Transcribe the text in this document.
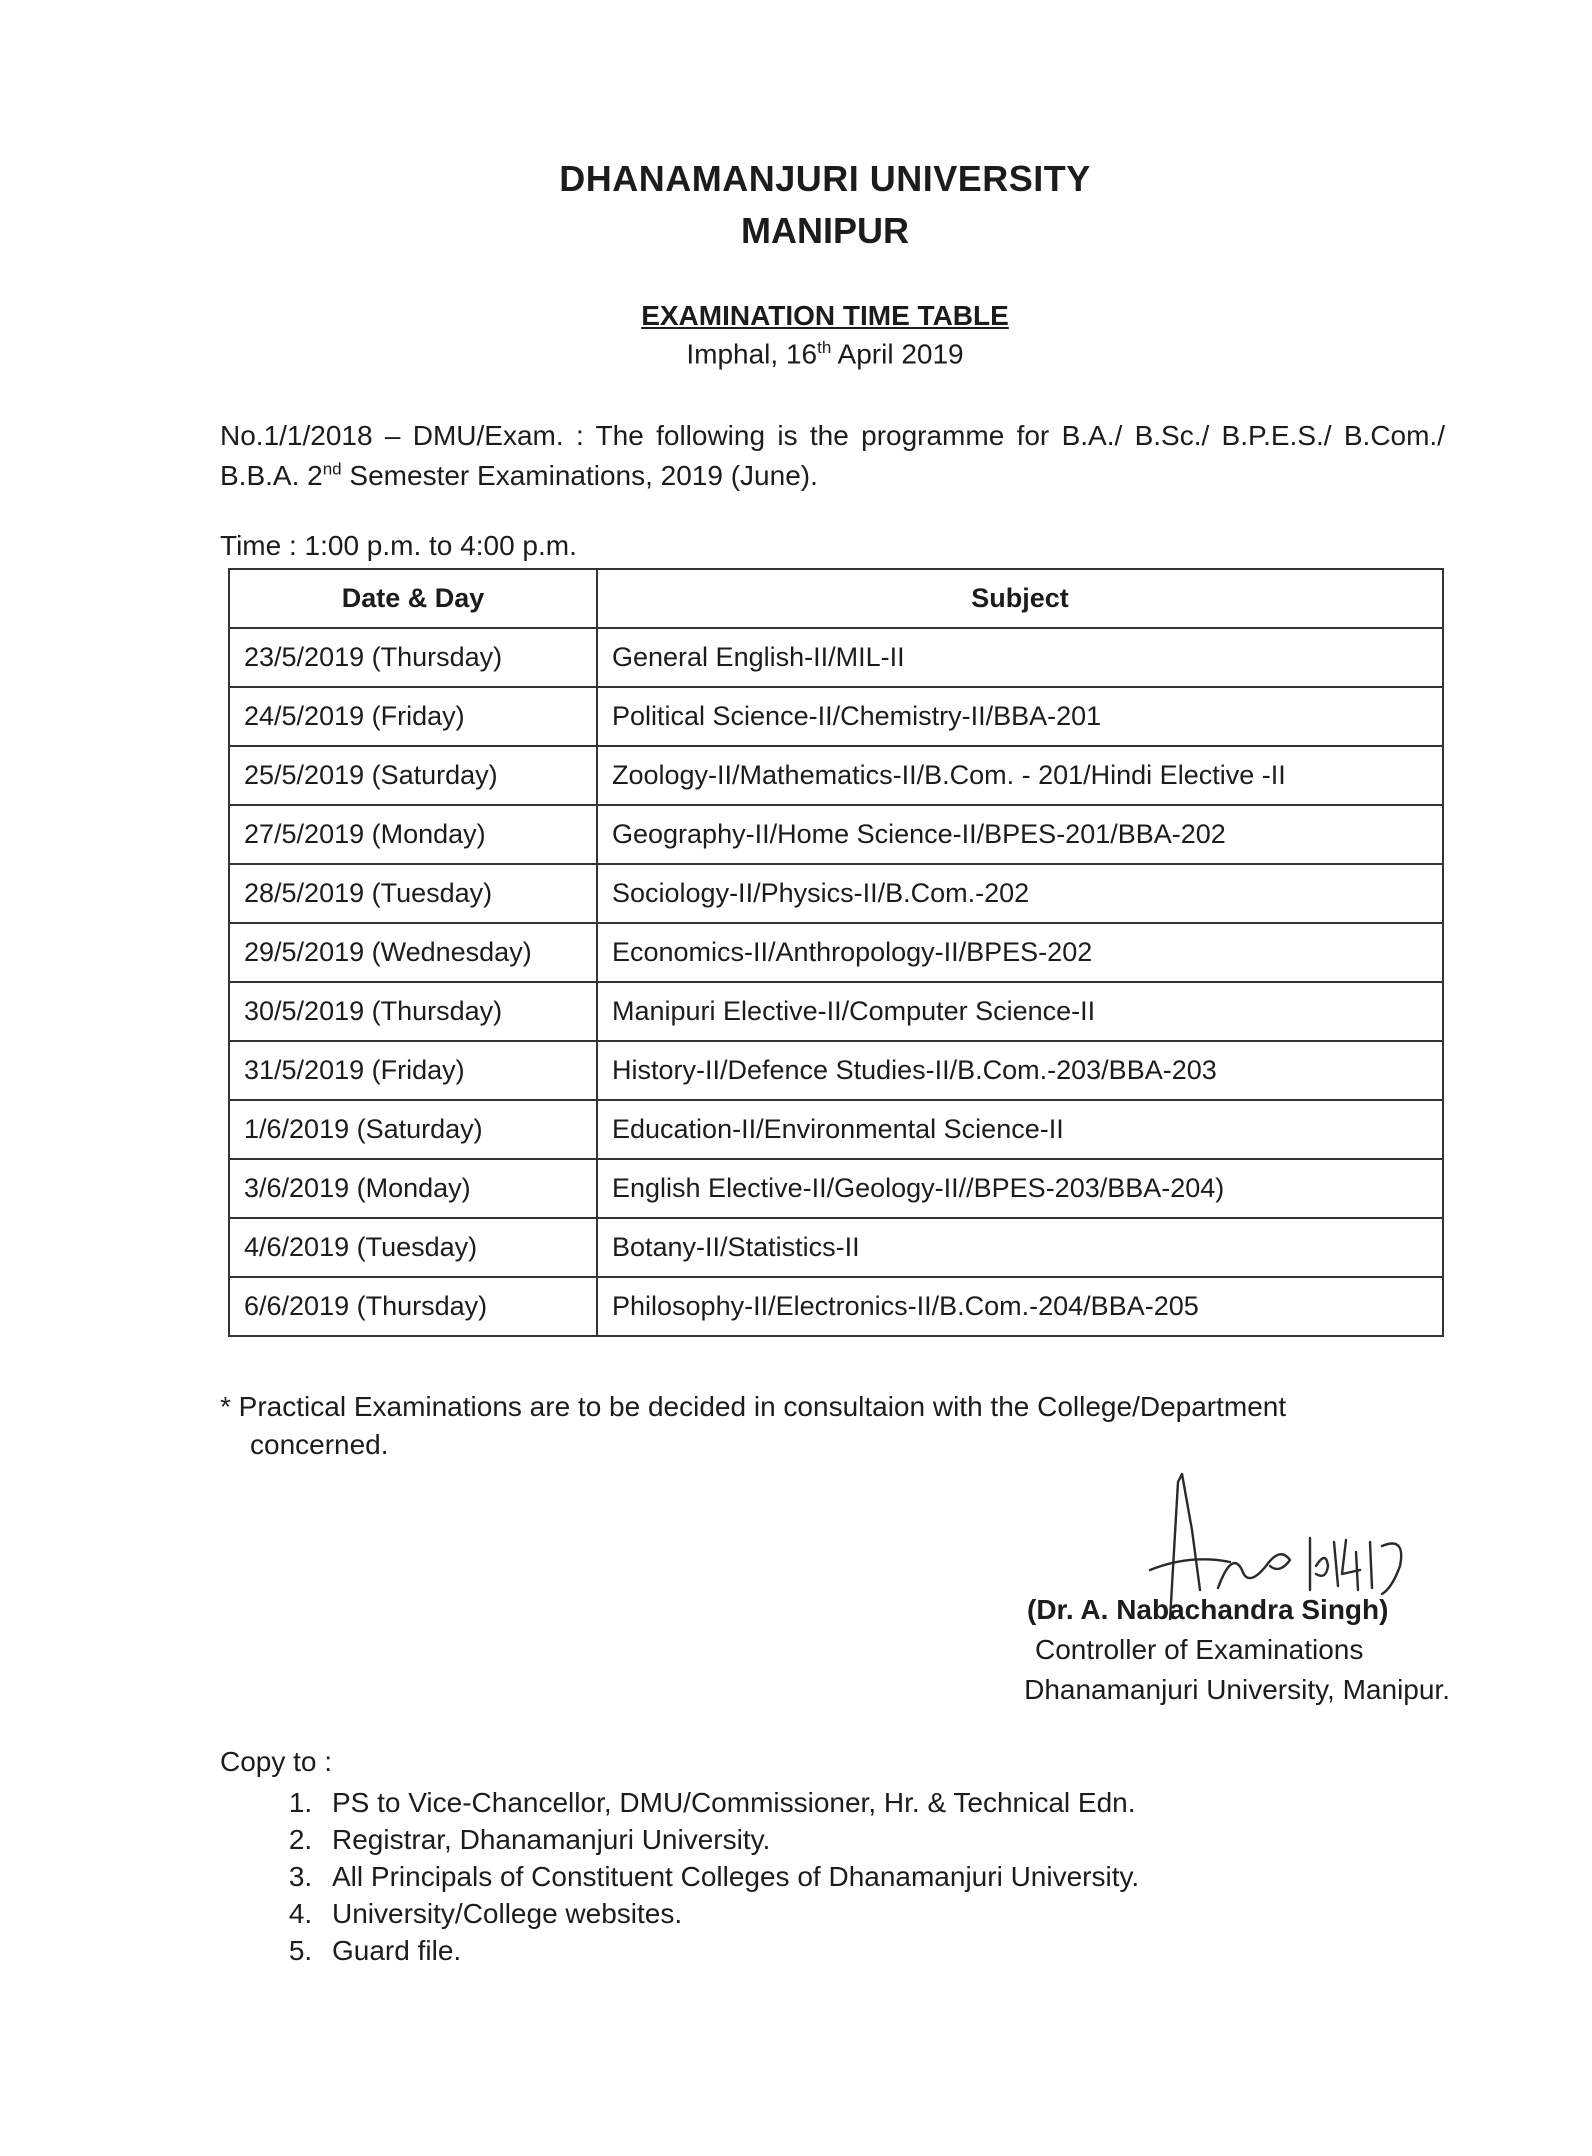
DHANAMANJURI UNIVERSITY
MANIPUR
EXAMINATION TIME TABLE
Imphal, 16th April 2019
No.1/1/2018 – DMU/Exam. : The following is the programme for B.A./ B.Sc./ B.P.E.S./ B.Com./ B.B.A. 2nd Semester Examinations, 2019 (June).
Time : 1:00 p.m. to 4:00 p.m.
Date & Day	Subject
23/5/2019 (Thursday)	General English-II/MIL-II
24/5/2019 (Friday)	Political Science-II/Chemistry-II/BBA-201
25/5/2019 (Saturday)	Zoology-II/Mathematics-II/B.Com. - 201/Hindi Elective -II
27/5/2019 (Monday)	Geography-II/Home Science-II/BPES-201/BBA-202
28/5/2019 (Tuesday)	Sociology-II/Physics-II/B.Com.-202
29/5/2019 (Wednesday)	Economics-II/Anthropology-II/BPES-202
30/5/2019 (Thursday)	Manipuri Elective-II/Computer Science-II
31/5/2019 (Friday)	History-II/Defence Studies-II/B.Com.-203/BBA-203
1/6/2019 (Saturday)	Education-II/Environmental Science-II
3/6/2019 (Monday)	English Elective-II/Geology-II//BPES-203/BBA-204)
4/6/2019 (Tuesday)	Botany-II/Statistics-II
6/6/2019 (Thursday)	Philosophy-II/Electronics-II/B.Com.-204/BBA-205
* Practical Examinations are to be decided in consultaion with the College/Department
concerned.
(Dr. A. Nabachandra Singh)
Controller of Examinations
Dhanamanjuri University, Manipur.
Copy to :
1. PS to Vice-Chancellor, DMU/Commissioner, Hr. & Technical Edn.
2. Registrar, Dhanamanjuri University.
3. All Principals of Constituent Colleges of Dhanamanjuri University.
4. University/College websites.
5. Guard file.
